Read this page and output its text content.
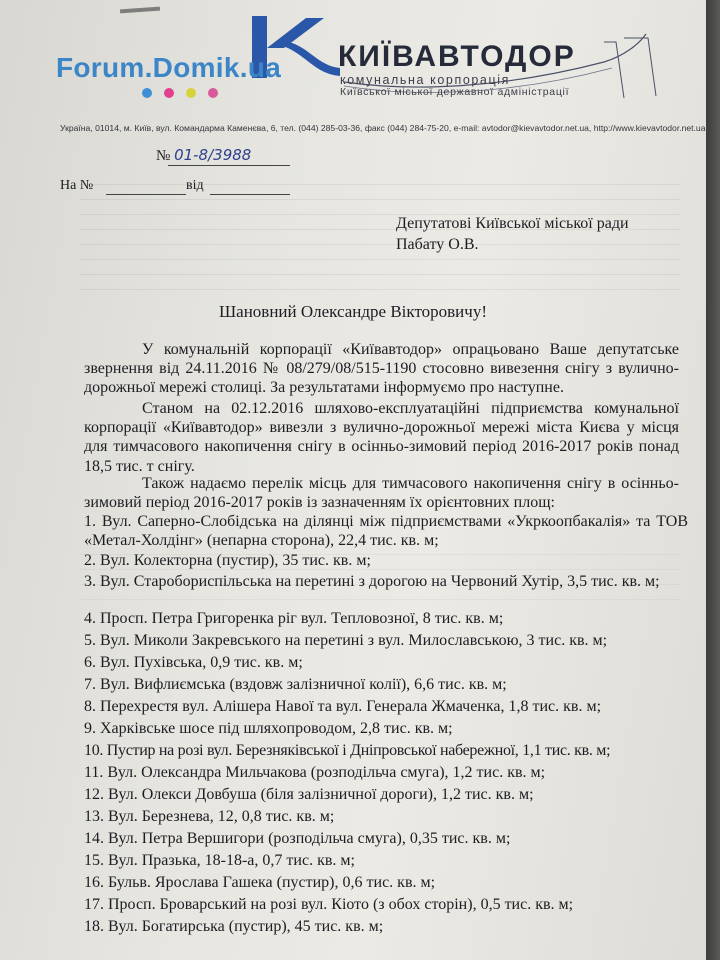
КИЇВАВТОДОР
комунальна корпорація
Київської міської державної адміністрації
Forum.Domik.ua
Україна, 01014, м. Київ, вул. Командарма Каменєва, 6, тел. (044) 285-03-36, факс (044) 284-75-20, e-mail: avtodor@kievavtodor.net.ua, http://www.kievavtodor.net.ua
№ 01-8/3988
На №	від
Депутатові Київської міської ради
Пабату О.В.
Шановний Олександре Вікторовичу!
У комунальній корпорації «Київавтодор» опрацьовано Ваше депутатське звернення від 24.11.2016 № 08/279/08/515-1190 стосовно вивезення снігу з вулично-дорожньої мережі столиці. За результатами інформуємо про наступне.
Станом на 02.12.2016 шляхово-експлуатаційні підприємства комунальної корпорації «Київавтодор» вивезли з вулично-дорожньої мережі міста Києва у місця для тимчасового накопичення снігу в осінньо-зимовий період 2016-2017 років понад 18,5 тис. т снігу.
Також надаємо перелік місць для тимчасового накопичення снігу в осінньо-зимовий період 2016-2017 років із зазначенням їх орієнтовних площ:
1. Вул. Саперно-Слобідська на ділянці між підприємствами «Укркоопбакалія» та ТОВ «Метал-Холдінг» (непарна сторона), 22,4 тис. кв. м;
2. Вул. Колекторна (пустир), 35 тис. кв. м;
3. Вул. Стаpобориспільська на перетині з дорогою на Червоний Хутір, 3,5 тис. кв. м;
4. Просп. Петра Григоренка ріг вул. Тепловозної, 8 тис. кв. м;
5. Вул. Миколи Закревського на перетині з вул. Милославською, 3 тис. кв. м;
6. Вул. Пухівська, 0,9 тис. кв. м;
7. Вул. Вифлиємська (вздовж залізничної колії), 6,6 тис. кв. м;
8. Перехрестя вул. Алішера Навої та вул. Генерала Жмаченка, 1,8 тис. кв. м;
9. Харківське шосе під шляхопроводом, 2,8 тис. кв. м;
10. Пустир на розі вул. Березняківської і Дніпровської набережної, 1,1 тис. кв. м;
11. Вул. Олександра Мильчакова (розподільча смуга), 1,2 тис. кв. м;
12. Вул. Олекси Довбуша (біля залізничної дороги), 1,2 тис. кв. м;
13. Вул. Березнева, 12, 0,8 тис. кв. м;
14. Вул. Петра Вершигори (розподільча смуга), 0,35 тис. кв. м;
15. Вул. Празька, 18-18-а, 0,7 тис. кв. м;
16. Бульв. Ярослава Гашека (пустир), 0,6 тис. кв. м;
17. Просп. Броварський на розі вул. Кіото (з обох сторін), 0,5 тис. кв. м;
18. Вул. Богатирська (пустир), 45 тис. кв. м;
